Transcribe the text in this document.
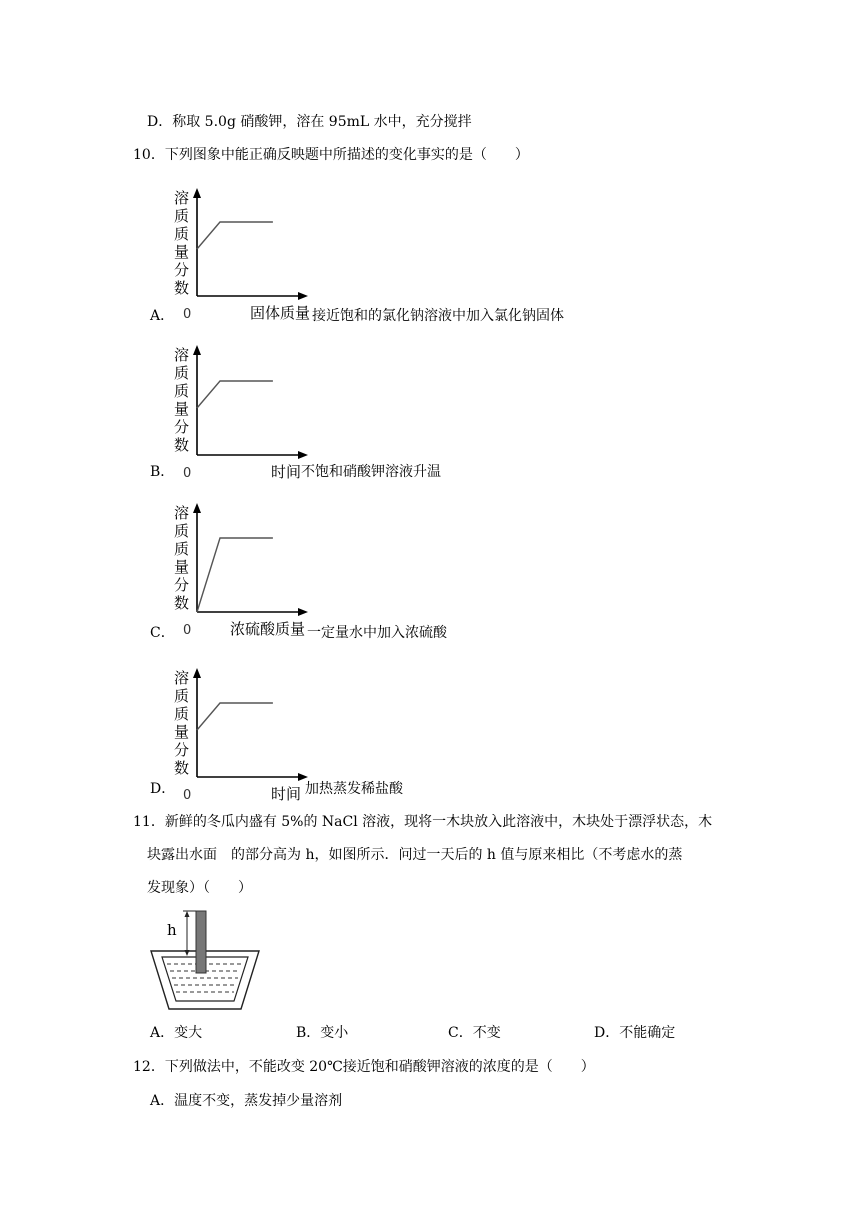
D．称取 5.0g 硝酸钾，溶在 95mL 水中，充分搅拌
10．下列图象中能正确反映题中所描述的变化事实的是（　　）
溶
质
质
量
分
数
0	固体质量
A．	接近饱和的氯化钠溶液中加入氯化钠固体
溶
质
质
量
分
数
0	时间
B．	不饱和硝酸钾溶液升温
溶
质
质
量
分
数
0	浓硫酸质量
C．	一定量水中加入浓硫酸
溶
质
质
量
分
数
0	时间
D．	加热蒸发稀盐酸
11．新鲜的冬瓜内盛有 5%的 NaCl 溶液，现将一木块放入此溶液中，木块处于漂浮状态，木
块露出水面　的部分高为 h，如图所示．问过一天后的 h 值与原来相比（不考虑水的蒸
发现象）（　　）
h
A．变大	B．变小	C．不变	D．不能确定
12．下列做法中，不能改变 20℃接近饱和硝酸钾溶液的浓度的是（　　）
A．温度不变，蒸发掉少量溶剂
